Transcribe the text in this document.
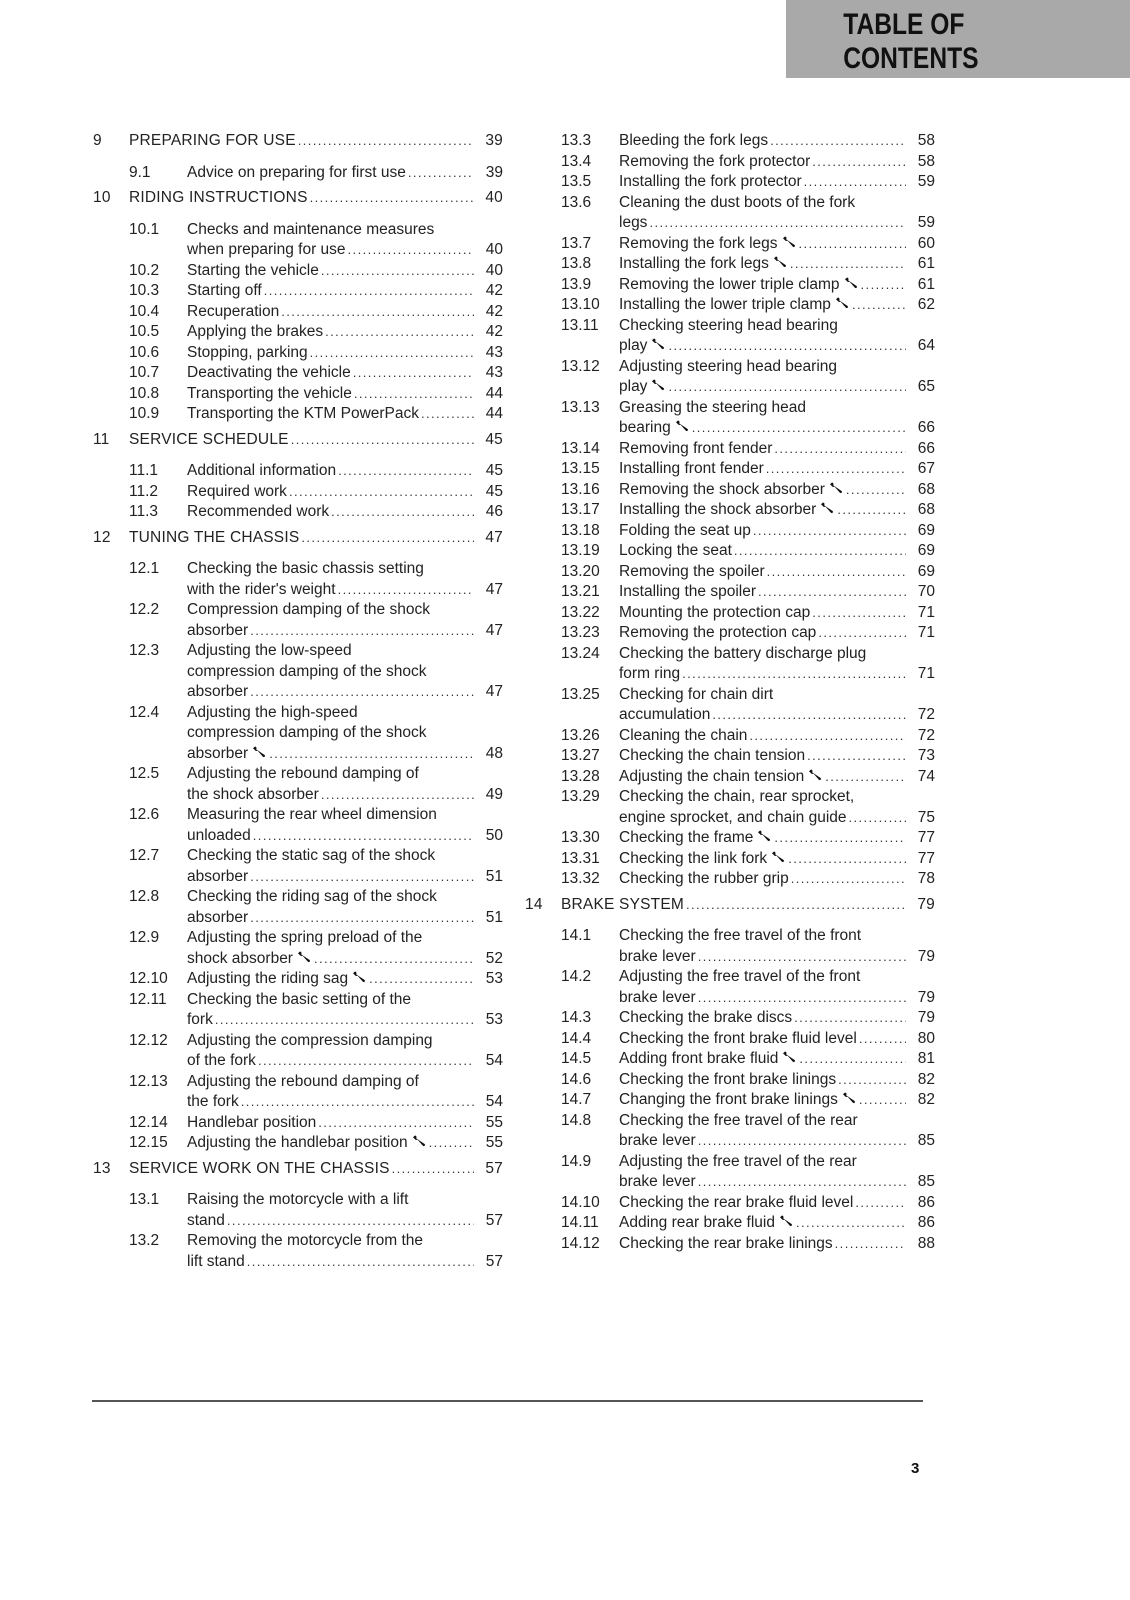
TABLE OF CONTENTS
9	PREPARING FOR USE .....	39
9.1	Advice on preparing for first use .....	39
10	RIDING INSTRUCTIONS .....	40
10.1	Checks and maintenance measures
when preparing for use .....	40
10.2	Starting the vehicle .....	40
10.3	Starting off .....	42
10.4	Recuperation .....	42
10.5	Applying the brakes .....	42
10.6	Stopping, parking .....	43
10.7	Deactivating the vehicle .....	43
10.8	Transporting the vehicle .....	44
10.9	Transporting the KTM PowerPack .....	44
11	SERVICE SCHEDULE .....	45
11.1	Additional information .....	45
11.2	Required work .....	45
11.3	Recommended work .....	46
12	TUNING THE CHASSIS .....	47
12.1	Checking the basic chassis setting
with the rider's weight .....	47
12.2	Compression damping of the shock
absorber .....	47
12.3	Adjusting the low-speed
compression damping of the shock
absorber .....	47
12.4	Adjusting the high-speed
compression damping of the shock
absorber .....	48
12.5	Adjusting the rebound damping of
the shock absorber .....	49
12.6	Measuring the rear wheel dimension
unloaded .....	50
12.7	Checking the static sag of the shock
absorber .....	51
12.8	Checking the riding sag of the shock
absorber .....	51
12.9	Adjusting the spring preload of the
shock absorber .....	52
12.10	Adjusting the riding sag .....	53
12.11	Checking the basic setting of the
fork .....	53
12.12	Adjusting the compression damping
of the fork .....	54
12.13	Adjusting the rebound damping of
the fork .....	54
12.14	Handlebar position .....	55
12.15	Adjusting the handlebar position .....	55
13	SERVICE WORK ON THE CHASSIS .....	57
13.1	Raising the motorcycle with a lift
stand .....	57
13.2	Removing the motorcycle from the
lift stand .....	57
13.3	Bleeding the fork legs .....	58
13.4	Removing the fork protector .....	58
13.5	Installing the fork protector .....	59
13.6	Cleaning the dust boots of the fork
legs .....	59
13.7	Removing the fork legs .....	60
13.8	Installing the fork legs .....	61
13.9	Removing the lower triple clamp .....	61
13.10	Installing the lower triple clamp .....	62
13.11	Checking steering head bearing
play .....	64
13.12	Adjusting steering head bearing
play .....	65
13.13	Greasing the steering head
bearing .....	66
13.14	Removing front fender .....	66
13.15	Installing front fender .....	67
13.16	Removing the shock absorber .....	68
13.17	Installing the shock absorber .....	68
13.18	Folding the seat up .....	69
13.19	Locking the seat .....	69
13.20	Removing the spoiler .....	69
13.21	Installing the spoiler .....	70
13.22	Mounting the protection cap .....	71
13.23	Removing the protection cap .....	71
13.24	Checking the battery discharge plug
form ring .....	71
13.25	Checking for chain dirt
accumulation .....	72
13.26	Cleaning the chain .....	72
13.27	Checking the chain tension .....	73
13.28	Adjusting the chain tension .....	74
13.29	Checking the chain, rear sprocket,
engine sprocket, and chain guide .....	75
13.30	Checking the frame .....	77
13.31	Checking the link fork .....	77
13.32	Checking the rubber grip .....	78
14	BRAKE SYSTEM .....	79
14.1	Checking the free travel of the front
brake lever .....	79
14.2	Adjusting the free travel of the front
brake lever .....	79
14.3	Checking the brake discs .....	79
14.4	Checking the front brake fluid level .....	80
14.5	Adding front brake fluid .....	81
14.6	Checking the front brake linings .....	82
14.7	Changing the front brake linings .....	82
14.8	Checking the free travel of the rear
brake lever .....	85
14.9	Adjusting the free travel of the rear
brake lever .....	85
14.10	Checking the rear brake fluid level .....	86
14.11	Adding rear brake fluid .....	86
14.12	Checking the rear brake linings .....	88
3
